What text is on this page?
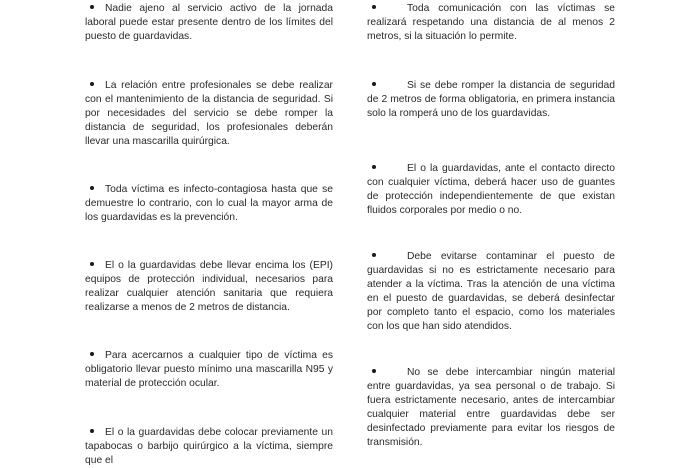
Nadie ajeno al servicio activo de la jornada laboral puede estar presente dentro de los límites del puesto de guardavidas.

La relación entre profesionales se debe realizar con el mantenimiento de la distancia de seguridad. Si por necesidades del servicio se debe romper la distancia de seguridad, los profesionales deberán llevar una mascarilla quirúrgica.

Toda víctima es infecto-contagiosa hasta que se demuestre lo contrario, con lo cual la mayor arma de los guardavidas es la prevención.

El o la guardavidas debe llevar encima los (EPI) equipos de protección individual, necesarios para realizar cualquier atención sanitaria que requiera realizarse a menos de 2 metros de distancia.

Para acercarnos a cualquier tipo de víctima es obligatorio llevar puesto mínimo una mascarilla N95 y material de protección ocular.

El o la guardavidas debe colocar previamente un tapabocas o barbijo quirúrgico a la víctima, siempre que el

Toda comunicación con las víctimas se realizará respetando una distancia de al menos 2 metros, si la situación lo permite.

Si se debe romper la distancia de seguridad de 2 metros de forma obligatoria, en primera instancia solo la romperá uno de los guardavidas.

El o la guardavidas, ante el contacto directo con cualquier víctima, deberá hacer uso de guantes de protección independientemente de que existan fluidos corporales por medio o no.

Debe evitarse contaminar el puesto de guardavidas si no es estrictamente necesario para atender a la víctima. Tras la atención de una víctima en el puesto de guardavidas, se deberá desinfectar por completo tanto el espacio, como los materiales con los que han sido atendidos.

No se debe intercambiar ningún material entre guardavidas, ya sea personal o de trabajo. Si fuera estrictamente necesario, antes de intercambiar cualquier material entre guardavidas debe ser desinfectado previamente para evitar los riesgos de transmisión.
